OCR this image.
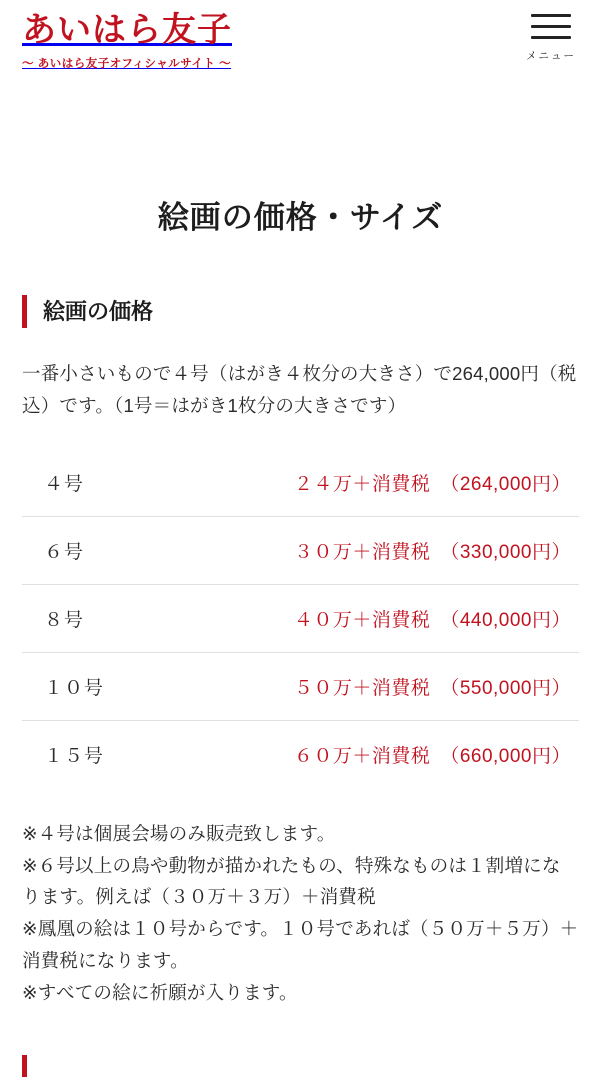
あいはら友子
〜 あいはら友子オフィシャルサイト 〜
メニュー
絵画の価格・サイズ
絵画の価格

一番小さいもので４号（はがき４枚分の大きさ）で264,000円（税込）です。（1号＝はがき1枚分の大きさです）

４号	２４万＋消費税　（264,000円）
６号	３０万＋消費税　（330,000円）
８号	４０万＋消費税　（440,000円）
１０号	５０万＋消費税　（550,000円）
１５号	６０万＋消費税　（660,000円）

※４号は個展会場のみ販売致します。

※６号以上の鳥や動物が描かれたもの、特殊なものは１割増になります。例えば（３０万＋３万）＋消費税

※鳳凰の絵は１０号からです。１０号であれば（５０万＋５万）＋消費税になります。

※すべての絵に祈願が入ります。
